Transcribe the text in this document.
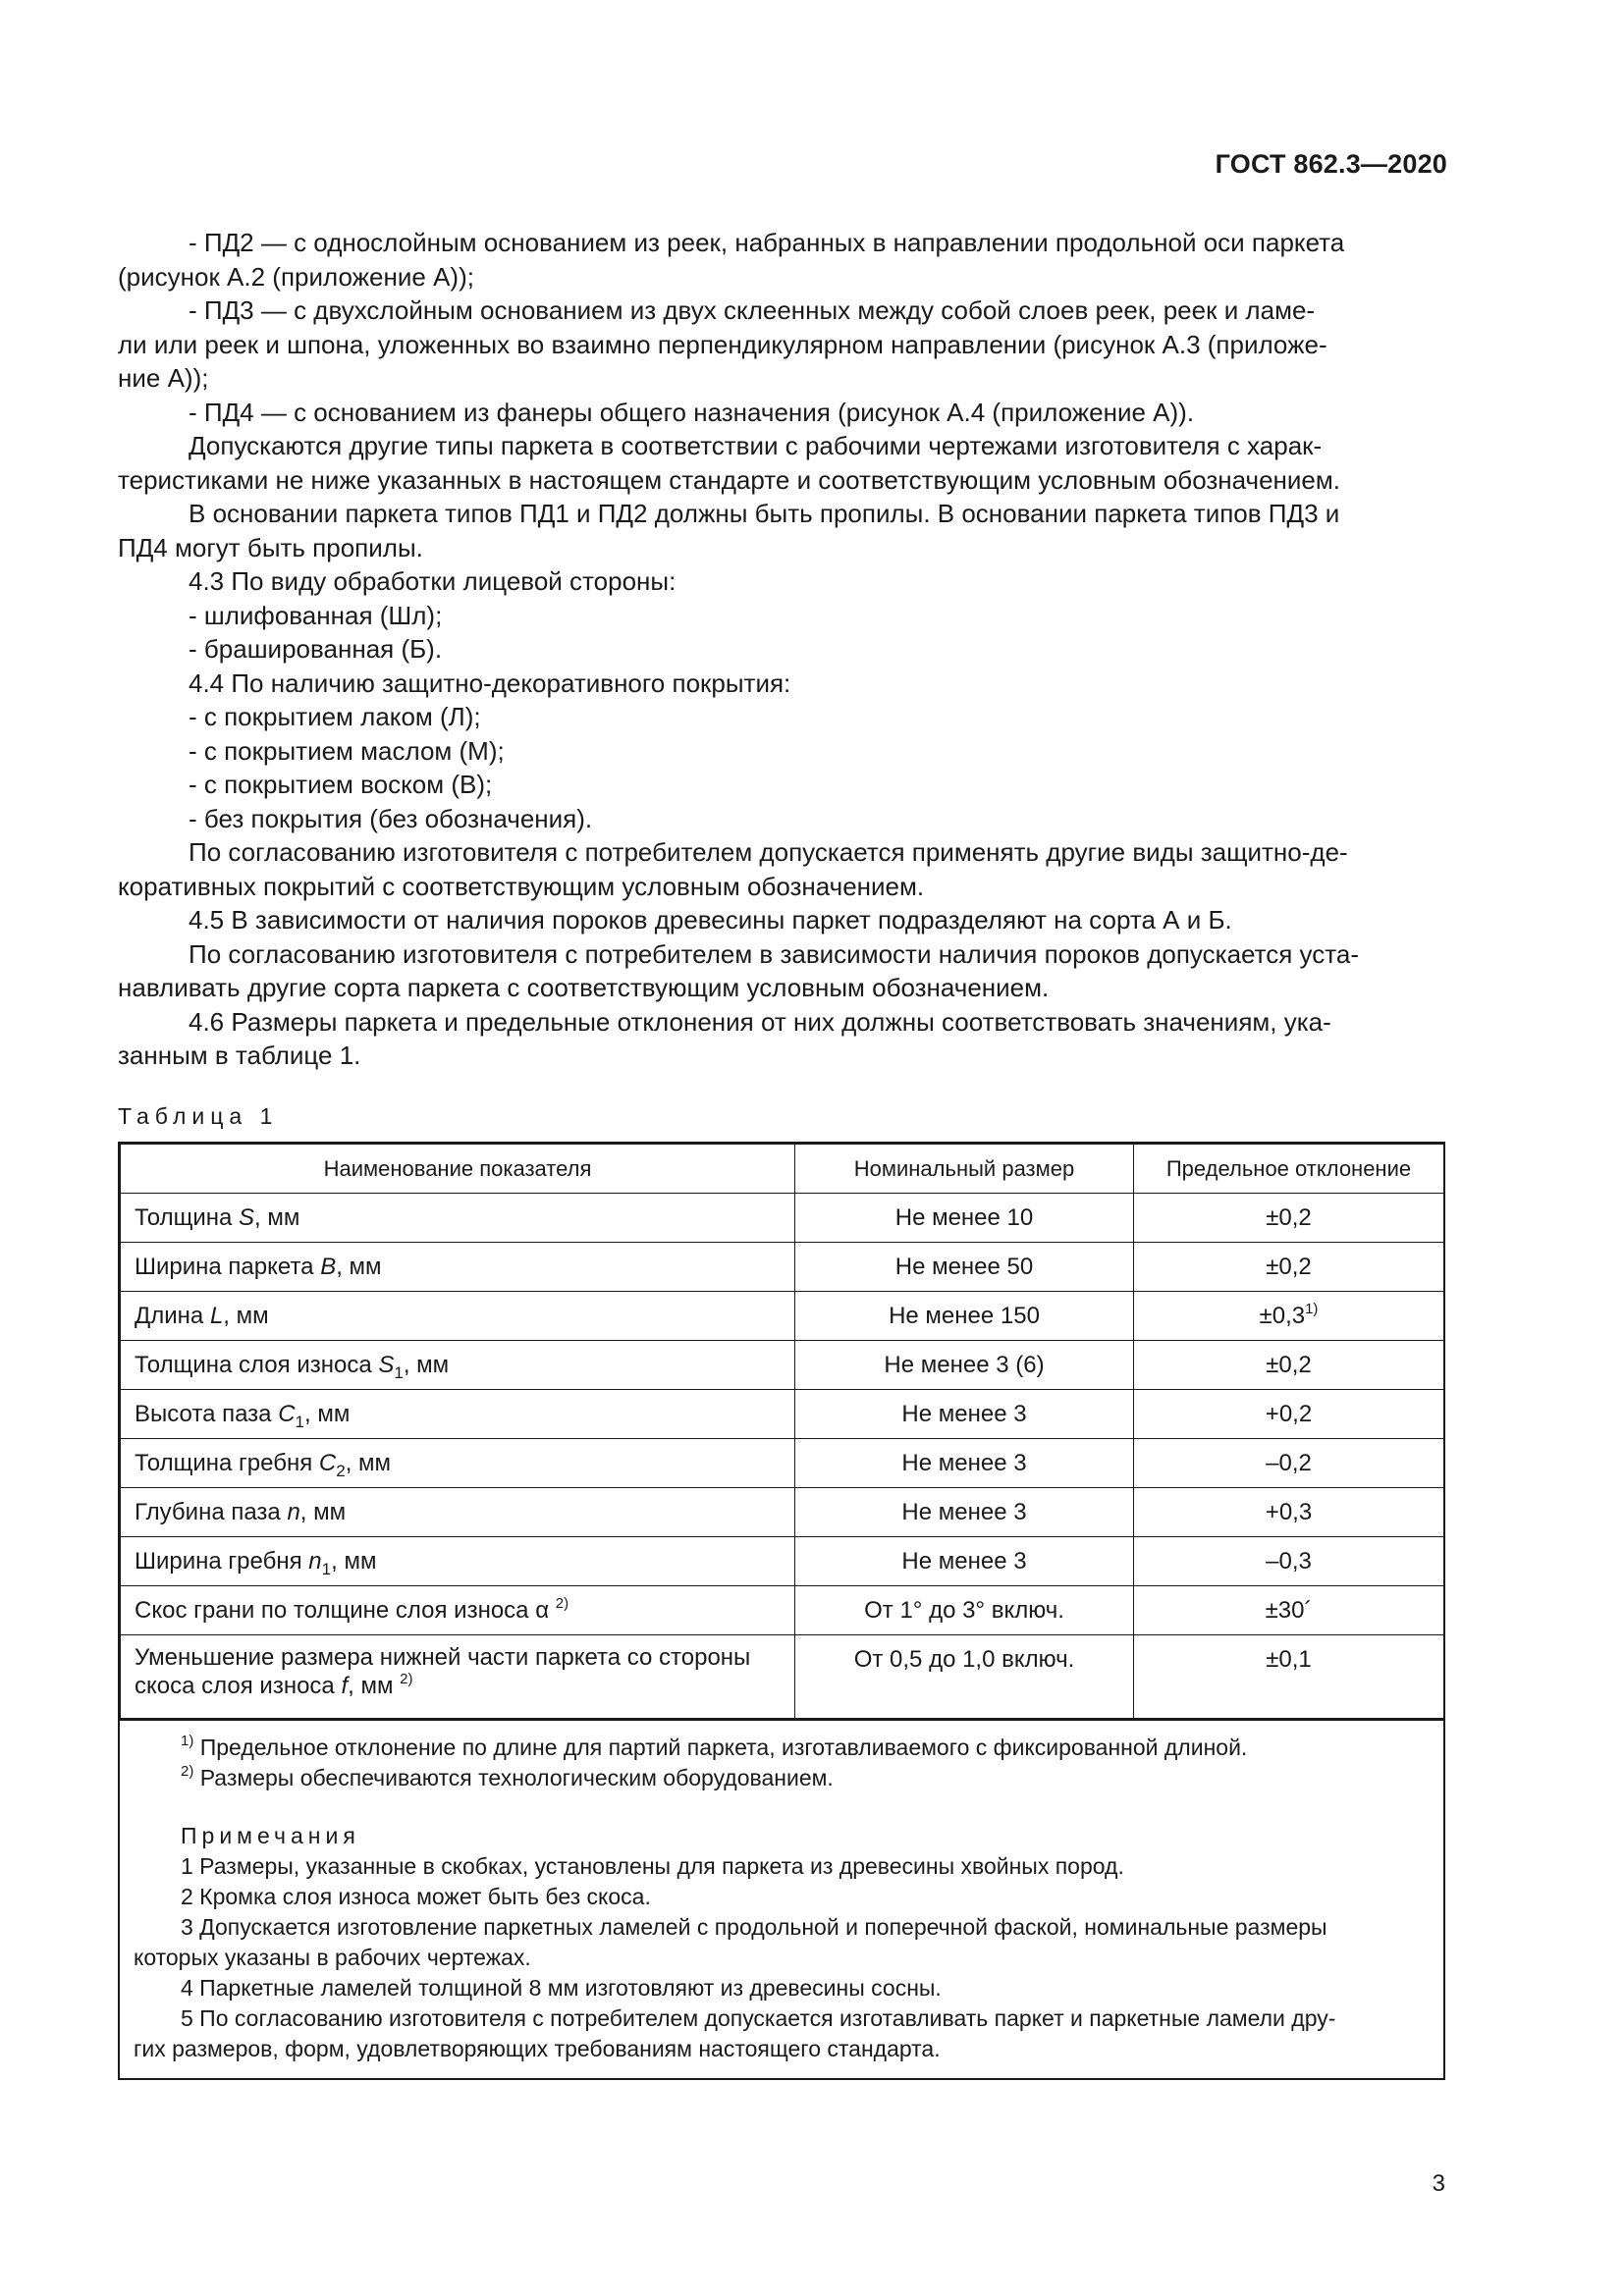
ГОСТ 862.3—2020

- ПД2 — с однослойным основанием из реек, набранных в направлении продольной оси паркета

(рисунок А.2 (приложение А));

- ПД3 — с двухслойным основанием из двух склеенных между собой слоев реек, реек и ламе-

ли или реек и шпона, уложенных во взаимно перпендикулярном направлении (рисунок А.3 (приложе-

ние А));

- ПД4 — с основанием из фанеры общего назначения (рисунок А.4 (приложение А)).

Допускаются другие типы паркета в соответствии с рабочими чертежами изготовителя с харак-

теристиками не ниже указанных в настоящем стандарте и соответствующим условным обозначением.

В основании паркета типов ПД1 и ПД2 должны быть пропилы. В основании паркета типов ПД3 и

ПД4 могут быть пропилы.

4.3 По виду обработки лицевой стороны:

- шлифованная (Шл);

- брашированная (Б).

4.4 По наличию защитно-декоративного покрытия:

- с покрытием лаком (Л);

- с покрытием маслом (М);

- с покрытием воском (В);

- без покрытия (без обозначения).

По согласованию изготовителя с потребителем допускается применять другие виды защитно-де-

коративных покрытий с соответствующим условным обозначением.

4.5 В зависимости от наличия пороков древесины паркет подразделяют на сорта А и Б.

По согласованию изготовителя с потребителем в зависимости наличия пороков допускается уста-

навливать другие сорта паркета с соответствующим условным обозначением.

4.6 Размеры паркета и предельные отклонения от них должны соответствовать значениям, ука-

занным в таблице 1.

Таблица 1
Наименование показателя	Номинальный размер	Предельное отклонение
Толщина S, мм	Не менее 10	±0,2
Ширина паркета B, мм	Не менее 50	±0,2
Длина L, мм	Не менее 150	$\pm 0,3^{1)}$
Толщина слоя износа $S_1$, мм	Не менее 3 (6)	±0,2
Высота паза $C_1$, мм	Не менее 3	+0,2
Толщина гребня $C_2$, мм	Не менее 3	–0,2
Глубина паза n, мм	Не менее 3	+0,3
Ширина гребня $n_1$, мм	Не менее 3	–0,3
Скос грани по толщине слоя износа α $^{2)}$	От 1° до 3° включ.	±30´
Уменьшение размера нижней части паркета со стороны скоса слоя износа f, мм $^{2)}$	От 0,5 до 1,0 включ.	±0,1
$^{1)}$ Предельное отклонение по длине для партий паркета, изготавливаемого с фиксированной длиной.
$^{2)}$ Размеры обеспечиваются технологическим оборудованием.
Примечания
1 Размеры, указанные в скобках, установлены для паркета из древесины хвойных пород.
2 Кромка слоя износа может быть без скоса.
3 Допускается изготовление паркетных ламелей с продольной и поперечной фаской, номинальные размеры
которых указаны в рабочих чертежах.
4 Паркетные ламелей толщиной 8 мм изготовляют из древесины сосны.
5 По согласованию изготовителя с потребителем допускается изготавливать паркет и паркетные ламели дру-
гих размеров, форм, удовлетворяющих требованиям настоящего стандарта.
3
